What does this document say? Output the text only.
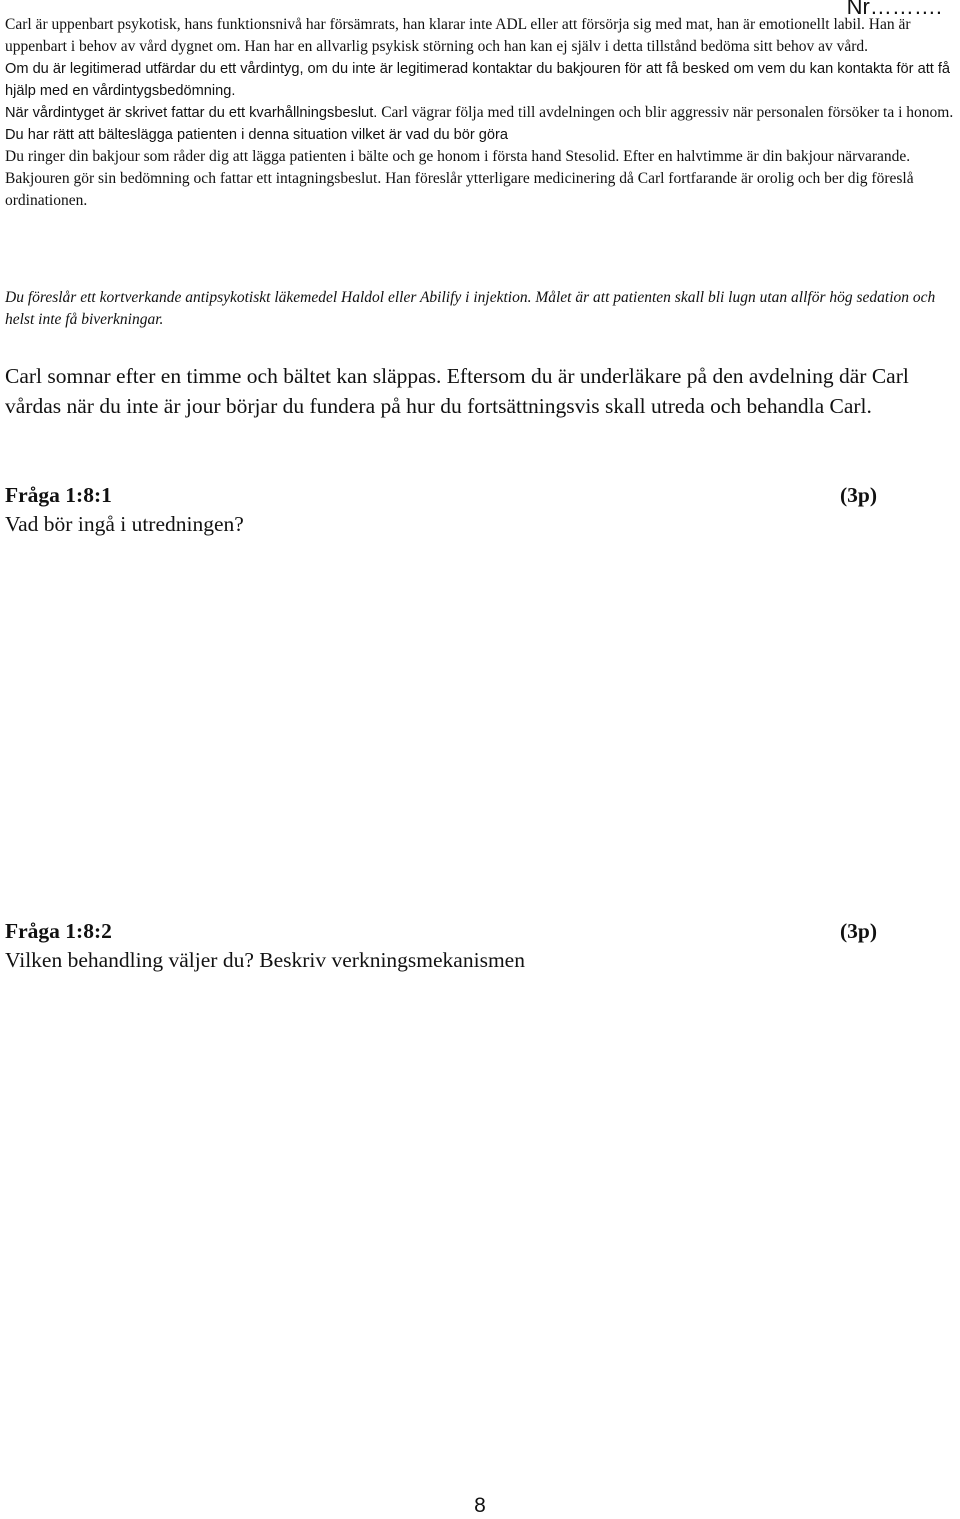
Nr……….

Carl är uppenbart psykotisk, hans funktionsnivå har försämrats, han klarar inte ADL eller att försörja sig med mat, han är emotionellt labil. Han är uppenbart i behov av vård dygnet om. Han har en allvarlig psykisk störning och han kan ej själv i detta tillstånd bedöma sitt behov av vård.

Om du är legitimerad utfärdar du ett vårdintyg, om du inte är legitimerad kontaktar du bakjouren för att få besked om vem du kan kontakta för att få hjälp med en vårdintygsbedömning.

När vårdintyget är skrivet fattar du ett kvarhållningsbeslut. Carl vägrar följa med till avdelningen och blir aggressiv när personalen försöker ta i honom.

Du har rätt att bälteslägga patienten i denna situation vilket är vad du bör göra

Du ringer din bakjour som råder dig att lägga patienten i bälte och ge honom i första hand Stesolid. Efter en halvtimme är din bakjour närvarande. Bakjouren gör sin bedömning och fattar ett intagningsbeslut. Han föreslår ytterligare medicinering då Carl fortfarande är orolig och ber dig föreslå ordinationen.

Du föreslår ett kortverkande antipsykotiskt läkemedel Haldol eller Abilify i injektion. Målet är att patienten skall bli lugn utan allför hög sedation och helst inte få biverkningar.

Carl somnar efter en timme och bältet kan släppas. Eftersom du är underläkare på den avdelning där Carl vårdas när du inte är jour börjar du fundera på hur du fortsättningsvis skall utreda och behandla Carl.

Fråga 1:8:1	(3p)
Vad bör ingå i utredningen?
Fråga 1:8:2	(3p)
Vilken behandling väljer du? Beskriv verkningsmekanismen
8
